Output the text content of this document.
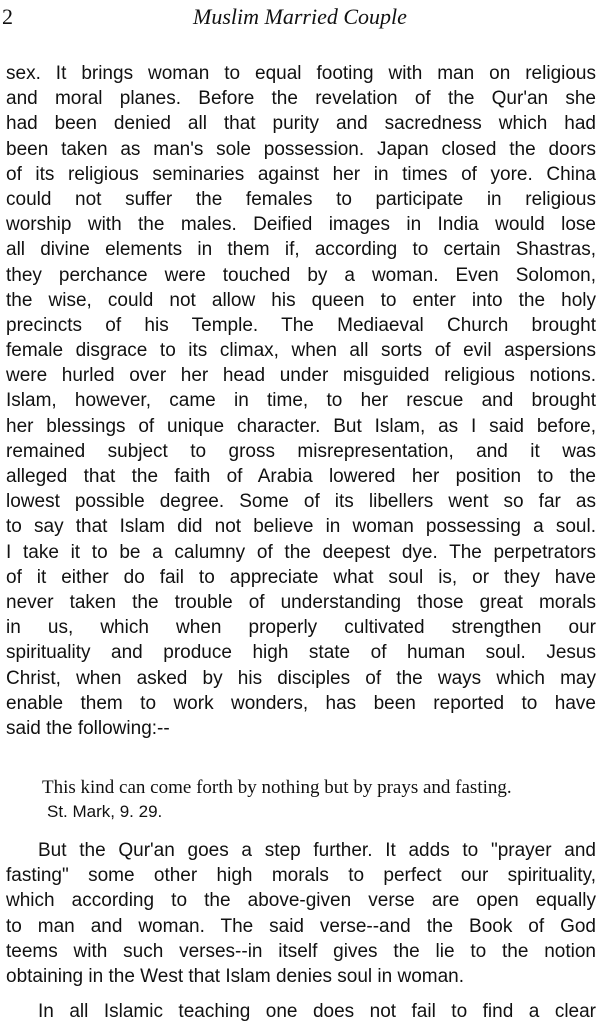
2	Muslim Married Couple
sex. It brings woman to equal footing with man on religious
and moral planes. Before the revelation of the Qur'an she
had been denied all that purity and sacredness which had
been taken as man's sole possession. Japan closed the doors
of its religious seminaries against her in times of yore. China
could not suffer the females to participate in religious
worship with the males. Deified images in India would lose
all divine elements in them if, according to certain Shastras,
they perchance were touched by a woman. Even Solomon,
the wise, could not allow his queen to enter into the holy
precincts of his Temple. The Mediaeval Church brought
female disgrace to its climax, when all sorts of evil aspersions
were hurled over her head under misguided religious notions.
Islam, however, came in time, to her rescue and brought
her blessings of unique character. But Islam, as I said before,
remained subject to gross misrepresentation, and it was
alleged that the faith of Arabia lowered her position to the
lowest possible degree. Some of its libellers went so far as
to say that Islam did not believe in woman possessing a soul.
I take it to be a calumny of the deepest dye. The perpetrators
of it either do fail to appreciate what soul is, or they have
never taken the trouble of understanding those great morals
in us, which when properly cultivated strengthen our
spirituality and produce high state of human soul. Jesus
Christ, when asked by his disciples of the ways which may
enable them to work wonders, has been reported to have
said the following:--
This kind can come forth by nothing but by prays and fasting.
St. Mark, 9. 29.
But the Qur'an goes a step further. It adds to "prayer and
fasting" some other high morals to perfect our spirituality,
which according to the above-given verse are open equally
to man and woman. The said verse--and the Book of God
teems with such verses--in itself gives the lie to the notion
obtaining in the West that Islam denies soul in woman.
In all Islamic teaching one does not fail to find a clear
